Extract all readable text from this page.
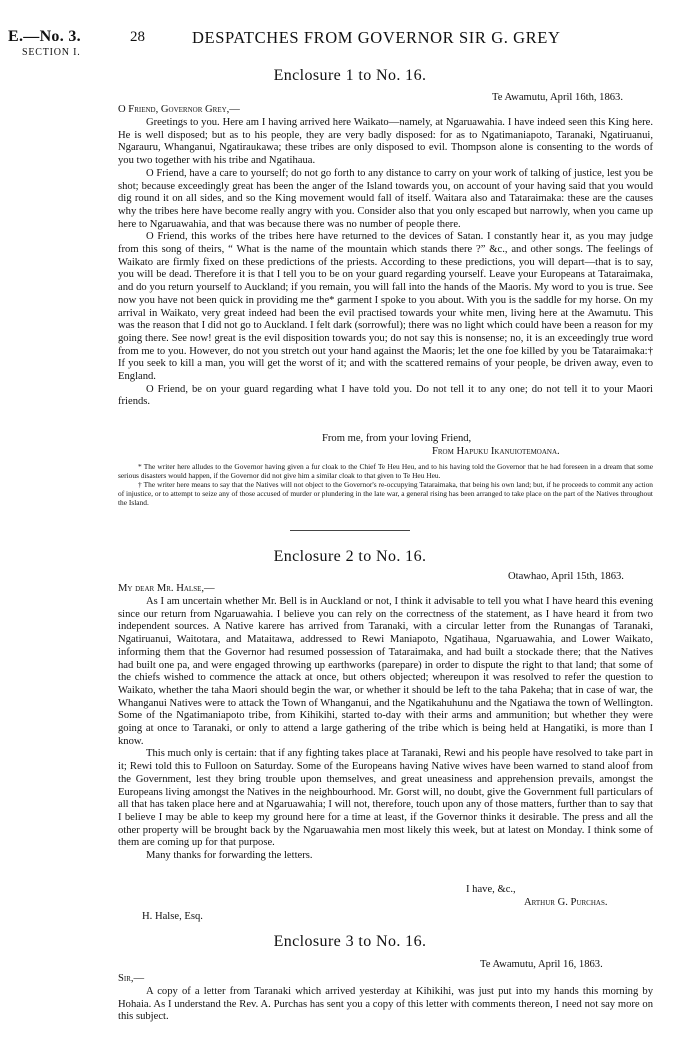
E.—No. 3.
SECTION I.
28	DESPATCHES FROM GOVERNOR SIR G. GREY
Enclosure 1 to No. 16.
Te Awamutu, April 16th, 1863.
O Friend, Governor Grey,—

Greetings to you. Here am I having arrived here Waikato—namely, at Ngaruawahia. I have indeed seen this King here. He is well disposed; but as to his people, they are very badly disposed: for as to Ngatimaniapoto, Taranaki, Ngatiruanui, Ngarauru, Whanganui, Ngatiraukawa; these tribes are only disposed to evil. Thompson alone is consenting to the words of you two together with his tribe and Ngatihaua.

O Friend, have a care to yourself; do not go forth to any distance to carry on your work of talking of justice, lest you be shot; because exceedingly great has been the anger of the Island towards you, on account of your having said that you would dig round it on all sides, and so the King movement would fall of itself. Waitara also and Tataraimaka: these are the causes why the tribes here have become really angry with you. Consider also that you only escaped but narrowly, when you came up here to Ngaruawahia, and that was because there was no number of people there.

O Friend, this works of the tribes here have returned to the devices of Satan. I constantly hear it, as you may judge from this song of theirs, “ What is the name of the mountain which stands there ?” &c., and other songs. The feelings of Waikato are firmly fixed on these predictions of the priests. According to these predictions, you will depart—that is to say, you will be dead. Therefore it is that I tell you to be on your guard regarding yourself. Leave your Europeans at Tataraimaka, and do you return yourself to Auckland; if you remain, you will fall into the hands of the Maoris. My word to you is true. See now you have not been quick in providing me the* garment I spoke to you about. With you is the saddle for my horse. On my arrival in Waikato, very great indeed had been the evil practised towards your white men, living here at the Awamutu. This was the reason that I did not go to Auckland. I felt dark (sorrowful); there was no light which could have been a reason for my going there. See now! great is the evil disposition towards you; do not say this is nonsense; no, it is an exceedingly true word from me to you. However, do not you stretch out your hand against the Maoris; let the one foe killed by you be Tataraimaka:† If you seek to kill a man, you will get the worst of it; and with the scattered remains of your people, be driven away, even to England.

O Friend, be on your guard regarding what I have told you. Do not tell it to any one; do not tell it to your Maori friends.

From me, from your loving Friend,
From Hapuku Ikanuiotemoana.

* The writer here alludes to the Governor having given a fur cloak to the Chief Te Heu Heu, and to his having told the Governor that he had foreseen in a dream that some serious disasters would happen, if the Governor did not give him a similar cloak to that given to Te Heu Heu.

† The writer here means to say that the Natives will not object to the Governor's re-occupying Tataraimaka, that being his own land; but, if he proceeds to commit any action of injustice, or to attempt to seize any of those accused of murder or plundering in the late war, a general rising has been arranged to take place on the part of the Natives throughout the Island.

Enclosure 2 to No. 16.
Otawhao, April 15th, 1863.
My dear Mr. Halse,—

As I am uncertain whether Mr. Bell is in Auckland or not, I think it advisable to tell you what I have heard this evening since our return from Ngaruawahia. I believe you can rely on the correctness of the statement, as I have heard it from two independent sources. A Native karere has arrived from Taranaki, with a circular letter from the Runangas of Taranaki, Ngatiruanui, Waitotara, and Mataitawa, addressed to Rewi Maniapoto, Ngatihaua, Ngaruawahia, and Lower Waikato, informing them that the Governor had resumed possession of Tataraimaka, and had built a stockade there; that the Natives had built one pa, and were engaged throwing up earthworks (parepare) in order to dispute the right to that land; that some of the chiefs wished to commence the attack at once, but others objected; whereupon it was resolved to refer the question to Waikato, whether the taha Maori should begin the war, or whether it should be left to the taha Pakeha; that in case of war, the Whanganui Natives were to attack the Town of Whanganui, and the Ngatikahuhunu and the Ngatiawa the town of Wellington. Some of the Ngatimaniapoto tribe, from Kihikihi, started to-day with their arms and ammunition; but whether they were going at once to Taranaki, or only to attend a large gathering of the tribe which is being held at Hangatiki, is more than I know.

This much only is certain: that if any fighting takes place at Taranaki, Rewi and his people have resolved to take part in it; Rewi told this to Fulloon on Saturday. Some of the Europeans having Native wives have been warned to stand aloof from the Government, lest they bring trouble upon themselves, and great uneasiness and apprehension prevails, amongst the Europeans living amongst the Natives in the neighbourhood. Mr. Gorst will, no doubt, give the Government full particulars of all that has taken place here and at Ngaruawahia; I will not, therefore, touch upon any of those matters, further than to say that I believe I may be able to keep my ground here for a time at least, if the Governor thinks it desirable. The press and all the other property will be brought back by the Ngaruawahia men most likely this week, but at latest on Monday. I think some of them are coming up for that purpose.

Many thanks for forwarding the letters.

I have, &c.,
Arthur G. Purchas.
H. Halse, Esq.
Enclosure 3 to No. 16.
Te Awamutu, April 16, 1863.
Sir,—

A copy of a letter from Taranaki which arrived yesterday at Kihikihi, was just put into my hands this morning by Hohaia. As I understand the Rev. A. Purchas has sent you a copy of this letter with comments thereon, I need not say more on this subject.
